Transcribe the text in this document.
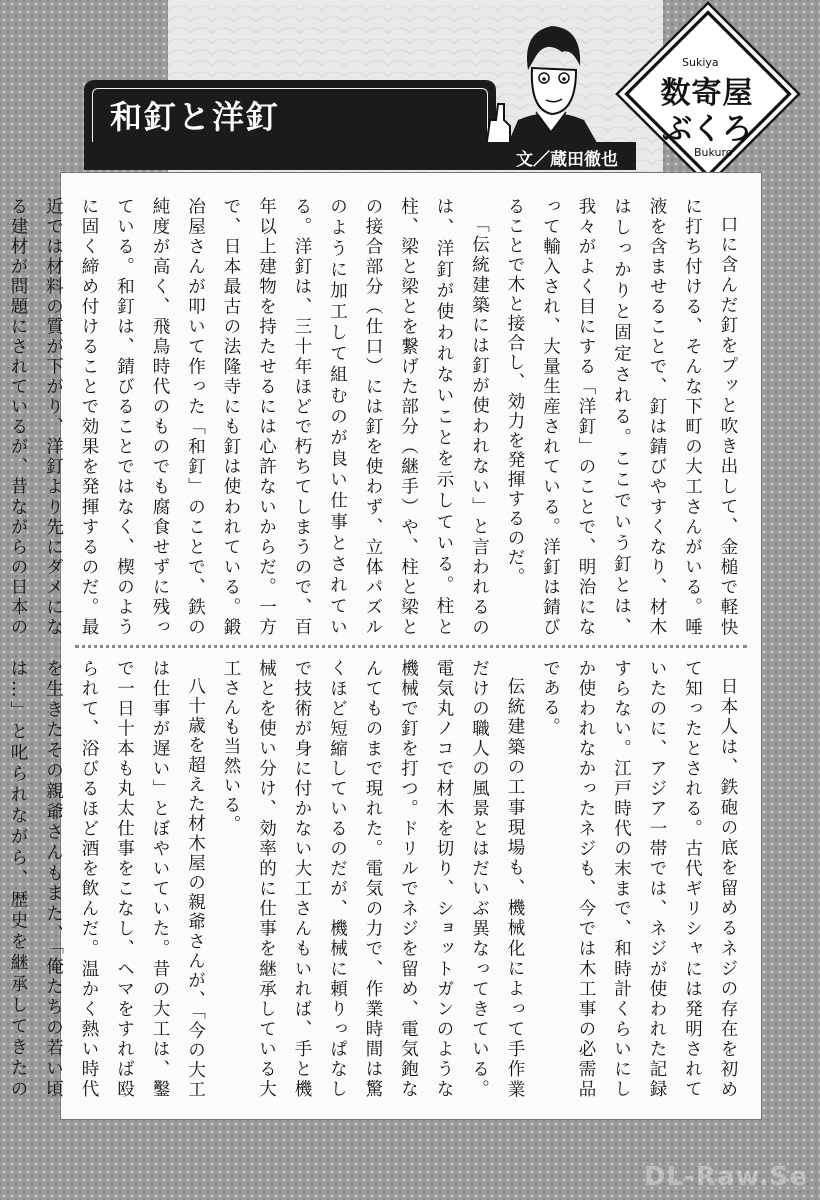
和釘と洋釘
文／蔵田徹也
Sukiya
数寄屋
ぶくろ
Bukuro

口に含んだ釘をプッと吹き出して、金槌で軽快に打ち付ける、そんな下町の大工さんがいる。唾液を含ませることで、釘は錆びやすくなり、材木はしっかりと固定される。ここでいう釘とは、我々がよく目にする「洋釘」のことで、明治になって輸入され、大量生産されている。洋釘は錆びることで木と接合し、効力を発揮するのだ。

「伝統建築には釘が使われない」と言われるのは、洋釘が使われないことを示している。柱と柱、梁と梁とを繋げた部分（継手）や、柱と梁との接合部分（仕口）には釘を使わず、立体パズルのように加工して組むのが良い仕事とされている。洋釘は、三十年ほどで朽ちてしまうので、百年以上建物を持たせるには心許ないからだ。一方で、日本最古の法隆寺にも釘は使われている。鍛冶屋さんが叩いて作った「和釘」のことで、鉄の純度が高く、飛鳥時代のものでも腐食せずに残っている。和釘は、錆びることではなく、楔のように固く締め付けることで効果を発揮するのだ。最近では材料の質が下がり、洋釘より先にダメになる建材が問題にされているが、昔ながらの日本の

日本人は、鉄砲の底を留めるネジの存在を初めて知ったとされる。古代ギリシャには発明されていたのに、アジア一帯では、ネジが使われた記録すらない。江戸時代の末まで、和時計くらいにしか使われなかったネジも、今では木工事の必需品である。

伝統建築の工事現場も、機械化によって手作業だけの職人の風景とはだいぶ異なってきている。電気丸ノコで材木を切り、ショットガンのような機械で釘を打つ。ドリルでネジを留め、電気鉋なんてものまで現れた。電気の力で、作業時間は驚くほど短縮しているのだが、機械に頼りっぱなしで技術が身に付かない大工さんもいれば、手と機械とを使い分け、効率的に仕事を継承している大工さんも当然いる。

八十歳を超えた材木屋の親爺さんが、「今の大工は仕事が遅い」とぼやいていた。昔の大工は、鑿で一日十本も丸太仕事をこなし、ヘマをすれば殴られて、浴びるほど酒を飲んだ。温かく熱い時代を生きたその親爺さんもまた、「俺たちの若い頃は…」と叱られながら、歴史を継承してきたの

DL-Raw.Se
